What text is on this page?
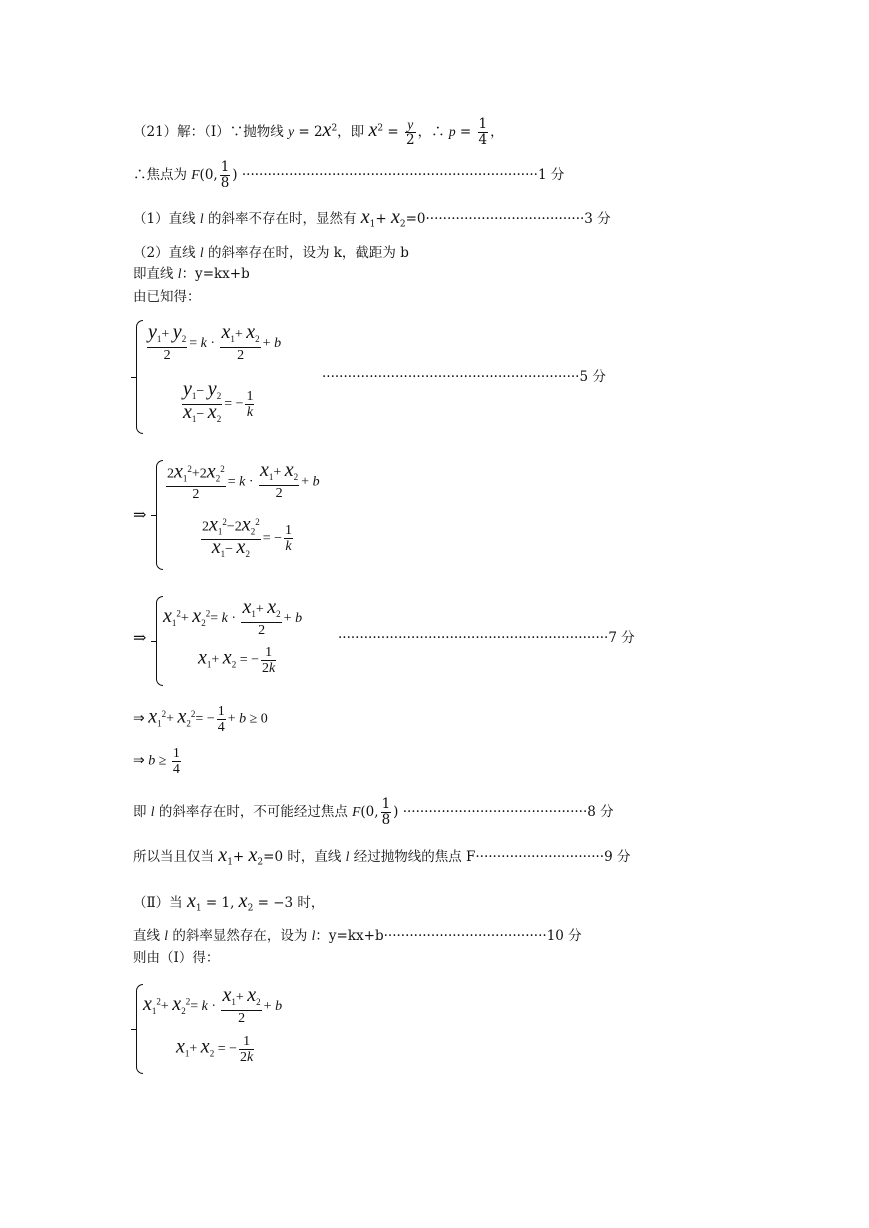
（21）解：（Ⅰ）∵抛物线 $y = 2x^2$，即 $x^2 = \frac{y}{2}$ ，∴ $p = \frac{1}{4}$ ，
∴焦点为 F(0, $\frac{1}{8}$ ) ·····································································1 分
（1）直线 l 的斜率不存在时，显然有 $x_1+ x_2=0\cdot\cdot\cdot\cdot\cdot\cdot\cdot\cdot\cdot\cdot\cdot\cdot\cdot\cdot\cdot\cdot\cdot\cdot\cdot\cdot\cdot\cdot\cdot\cdot\cdot\cdot\cdot\cdot\cdot\cdot\cdot\cdot\cdot\cdot\cdot\cdot\cdot 3$ 分
（2）直线 l 的斜率存在时，设为 k，截距为 b
即直线 l：y=kx+b
由已知得：
$\frac{y_1+ y_2}{2} = k \cdot \frac{x_1+ x_2}{2} + b$
$\frac{y_1- y_2}{x_1- x_2}$ = − $\frac{1}{k}$
····························································5 分
⇒
$\frac{2x_1^2+2x_2^2}{2} = k \cdot \frac{x_1+ x_2}{2} + b$
$\frac{2x_1^2-2x_2^2}{x_1- x_2}$ = − $\frac{1}{k}$
⇒
$x_1^2+ x_2^2= k \cdot \frac{x_1+ x_2}{2} + b$
$x_1+ x_2$ = − $\frac{1}{2k}$
·······························································7 分
⇒ $x_1^2+ x_2^2= - \frac{1}{4} + b \ge 0$
⇒ $b \ge \frac{1}{4}$
即 l 的斜率存在时，不可能经过焦点 F(0, $\frac{1}{8}$ ) ···········································8 分
所以当且仅当 $x_1+ x_2=0$ 时，直线 l 经过抛物线的焦点 F······························9 分
（Ⅱ）当 $x_1 = 1$, $x_2 = -3$ 时，
直线 l 的斜率显然存在，设为 l：y=kx+b······································10 分
则由（Ⅰ）得：
$x_1^2+ x_2^2= k \cdot \frac{x_1+ x_2}{2} + b$
$x_1+ x_2$ = − $\frac{1}{2k}$
